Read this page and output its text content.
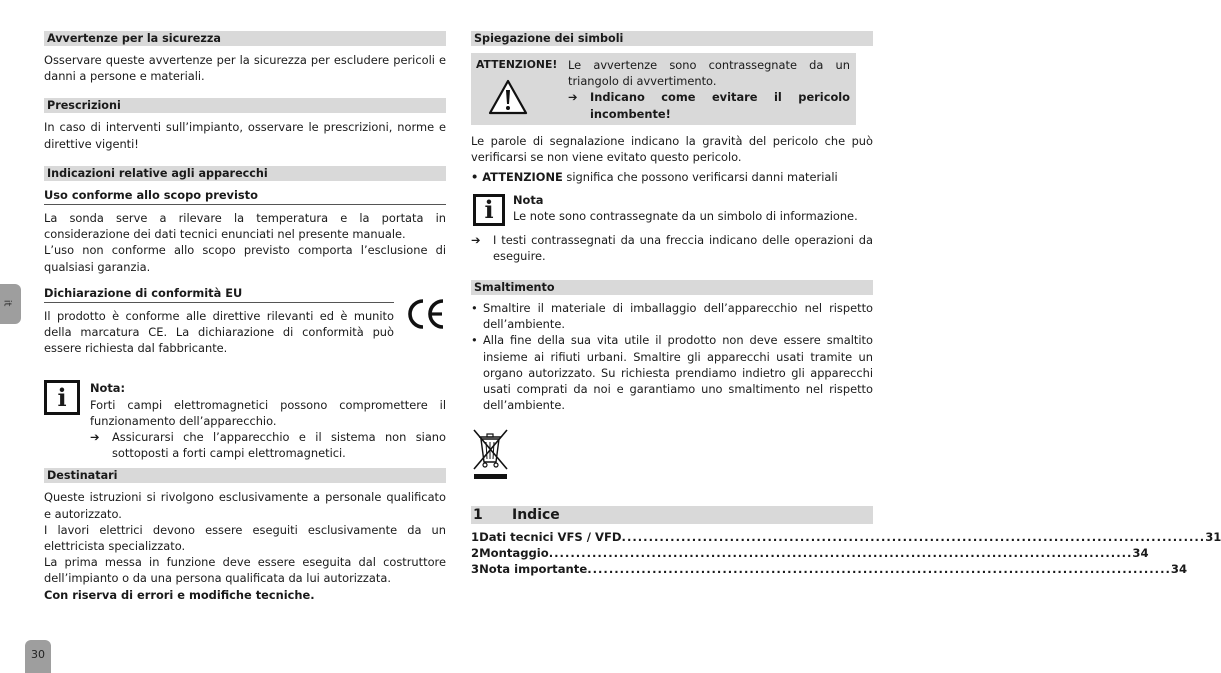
it
30
Avvertenze per la sicurezza

Osservare queste avvertenze per la sicurezza per escludere pericoli e danni a persone e materiali.

Prescrizioni

In caso di interventi sull’impianto, osservare le prescrizioni, norme e direttive vigenti!

Indicazioni relative agli apparecchi
Uso conforme allo scopo previsto

La sonda serve a rilevare la temperatura e la portata in considerazione dei dati tecnici enunciati nel presente manuale.

L’uso non conforme allo scopo previsto comporta l’esclusione di qualsiasi garanzia.

Dichiarazione di conformità EU

Il prodotto è conforme alle direttive rilevanti ed è munito della marcatura CE. La dichiarazione di conformità può essere richiesta dal fabbricante.

i	Nota:

Forti campi elettromagnetici possono compromettere il funzionamento dell’apparecchio.

➔	Assicurarsi che l’apparecchio e il sistema non siano sottoposti a forti campi elettromagnetici.

Destinatari

Queste istruzioni si rivolgono esclusivamente a personale qualificato e autorizzato.

I lavori elettrici devono essere eseguiti esclusivamente da un elettricista specializzato.

La prima messa in funzione deve essere eseguita dal costruttore dell’impianto o da una persona qualificata da lui autorizzata.

Con riserva di errori e modifiche tecniche.

Spiegazione dei simboli
ATTENZIONE! Le avvertenze sono contrassegnate da un triangolo di avvertimento.

➔	Indicano come evitare il pericolo incombente!

Le parole di segnalazione indicano la gravità del pericolo che può verificarsi se non viene evitato questo pericolo.

• ATTENZIONE significa che possono verificarsi danni materiali
i	Nota

Le note sono contrassegnate da un simbolo di informazione.

➔	I testi contrassegnati da una freccia indicano delle operazioni da eseguire.

Smaltimento
• Smaltire il materiale di imballaggio dell’apparecchio nel rispetto dell’ambiente.

• Alla fine della sua vita utile il prodotto non deve essere smaltito insieme ai rifiuti urbani. Smaltire gli apparecchi usati tramite un organo autorizzato. Su richiesta prendiamo indietro gli apparecchi usati comprati da noi e garantiamo uno smaltimento nel rispetto dell’ambiente.

1	Indice
1 Dati tecnici VFS / VFD ............................................................................................................ 31
2 Montaggio ............................................................................................................ 34
3 Nota importante ............................................................................................................ 34
